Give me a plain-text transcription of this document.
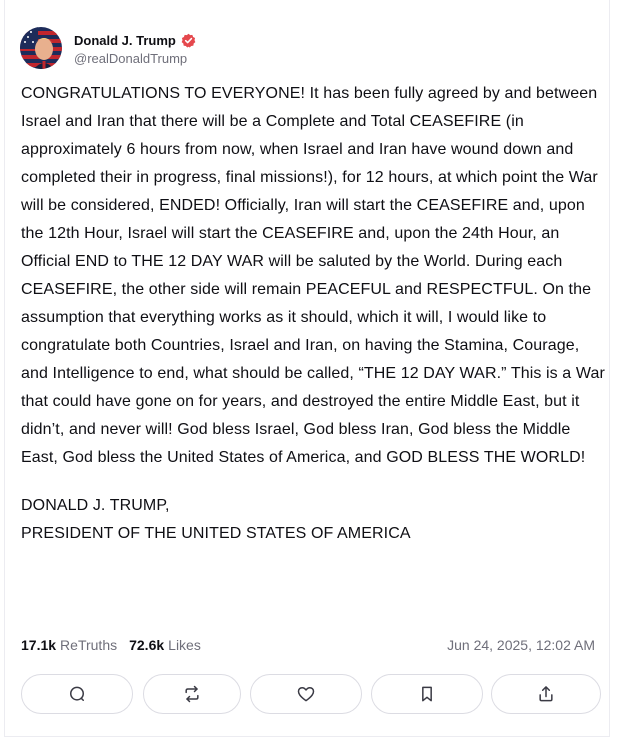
Donald J. Trump
@realDonaldTrump

CONGRATULATIONS TO EVERYONE! It has been fully agreed by and between Israel and Iran that there will be a Complete and Total CEASEFIRE (in approximately 6 hours from now, when Israel and Iran have wound down and completed their in progress, final missions!), for 12 hours, at which point the War will be considered, ENDED! Officially, Iran will start the CEASEFIRE and, upon the 12th Hour, Israel will start the CEASEFIRE and, upon the 24th Hour, an Official END to THE 12 DAY WAR will be saluted by the World. During each CEASEFIRE, the other side will remain PEACEFUL and RESPECTFUL. On the assumption that everything works as it should, which it will, I would like to congratulate both Countries, Israel and Iran, on having the Stamina, Courage, and Intelligence to end, what should be called, “THE 12 DAY WAR.” This is a War that could have gone on for years, and destroyed the entire Middle East, but it didn’t, and never will! God bless Israel, God bless Iran, God bless the Middle East, God bless the United States of America, and GOD BLESS THE WORLD!

DONALD J. TRUMP,

PRESIDENT OF THE UNITED STATES OF AMERICA

17.1k ReTruths 72.6k Likes	Jun 24, 2025, 12:02 AM
